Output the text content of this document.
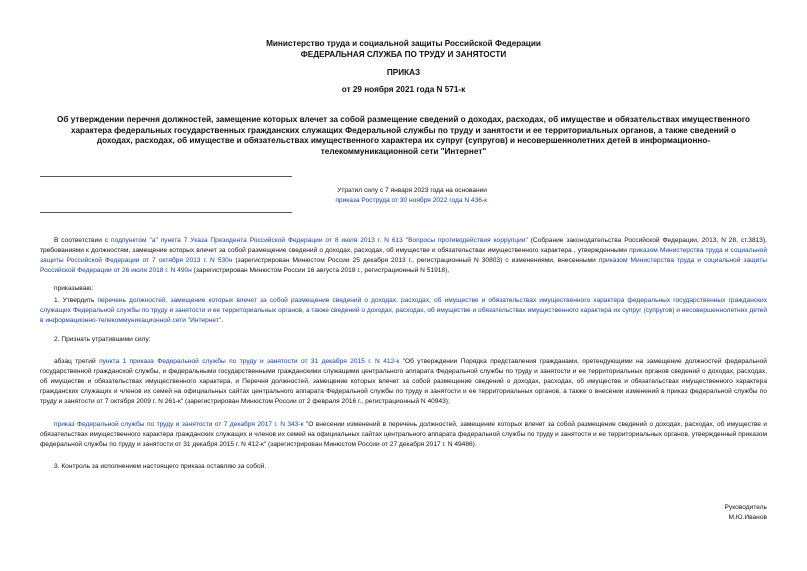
Министерство труда и социальной защиты Российской Федерации
ФЕДЕРАЛЬНАЯ СЛУЖБА ПО ТРУДУ И ЗАНЯТОСТИ
ПРИКАЗ
от 29 ноября 2021 года N 571-к
Об утверждении перечня должностей, замещение которых влечет за собой размещение сведений о доходах, расходах, об имуществе и обязательствах имущественного характера федеральных государственных гражданских служащих Федеральной службы по труду и занятости и ее территориальных органов, а также сведений о доходах, расходах, об имуществе и обязательствах имущественного характера их супруг (супругов) и несовершеннолетних детей в информационно-телекоммуникационной сети "Интернет"
Утратил силу с 7 января 2023 года на основании
приказа Роструда от 30 ноября 2022 года N 436-к

В соответствии с подпунктом "а" пункта 7 Указа Президента Российской Федерации от 8 июля 2013 г. N 613 "Вопросы противодействия коррупции" (Собрание законодательства Российской Федерации, 2013, N 28, ст.3813), требованиями к должностям, замещение которых влечет за собой размещение сведений о доходах, расходах, об имуществе и обязательствах имущественного характера , утвержденными приказом Министерства труда и социальной защиты Российской Федерации от 7 октября 2013 г. N 530н (зарегистрирован Минюстом России 25 декабря 2013 г., регистрационный N 30803) с изменениями, внесенными приказом Министерства труда и социальной защиты Российской Федерации от 26 июля 2018 г. N 490н (зарегистрирован Минюстом России 16 августа 2018 г., регистрационный N 51918),

приказываю:

1. Утвердить перечень должностей, замещение которых влечет за собой размещение сведений о доходах, расходах, об имуществе и обязательствах имущественного характера федеральных государственных гражданских служащих Федеральной службы по труду и занятости и ее территориальных органов, а также сведений о доходах, расходах, об имуществе и обязательствах имущественного характера их супруг (супругов) и несовершеннолетних детей в информационно-телекоммуникационной сети "Интернет".

2. Признать утратившими силу:

абзац третий пункта 1 приказа Федеральной службы по труду и занятости от 31 декабря 2015 г. N 412-к "Об утверждении Порядка представления гражданами, претендующими на замещение должностей федеральной государственной гражданской службы, и федеральными государственными гражданскими служащими центрального аппарата Федеральной службы по труду и занятости и ее территориальных органов сведений о доходах, расходах, об имуществе и обязательствах имущественного характера, и Перечня должностей, замещение которых влечет за собой размещение сведений о доходах, расходах, об имуществе и обязательствах имущественного характера гражданских служащих и членов их семей на официальных сайтах центрального аппарата Федеральной службы по труду и занятости и ее территориальных органов, а также о внесении изменений в приказ федеральной службы по труду и занятости от 7 октября 2009 г. N 261-к" (зарегистрирован Минюстом России от 2 февраля 2016 г., регистрационный N 40943);

приказ Федеральной службы по труду и занятости от 7 декабря 2017 г. N 343-к "О внесении изменений в перечень должностей, замещение которых влечет за собой размещение сведений о доходах, расходах, об имуществе и обязательствах имущественного характера гражданских служащих и членов их семей на официальных сайтах центрального аппарата федеральной службы по труду и занятости и ее территориальных органов, утвержденный приказом федеральной службы по труду и занятости от 31 декабря 2015 г. N 412-к" (зарегистрирован Минюстом России от 27 декабря 2017 г. N 49486).

3. Контроль за исполнением настоящего приказа оставляю за собой.

Руководитель
М.Ю.Иванов
